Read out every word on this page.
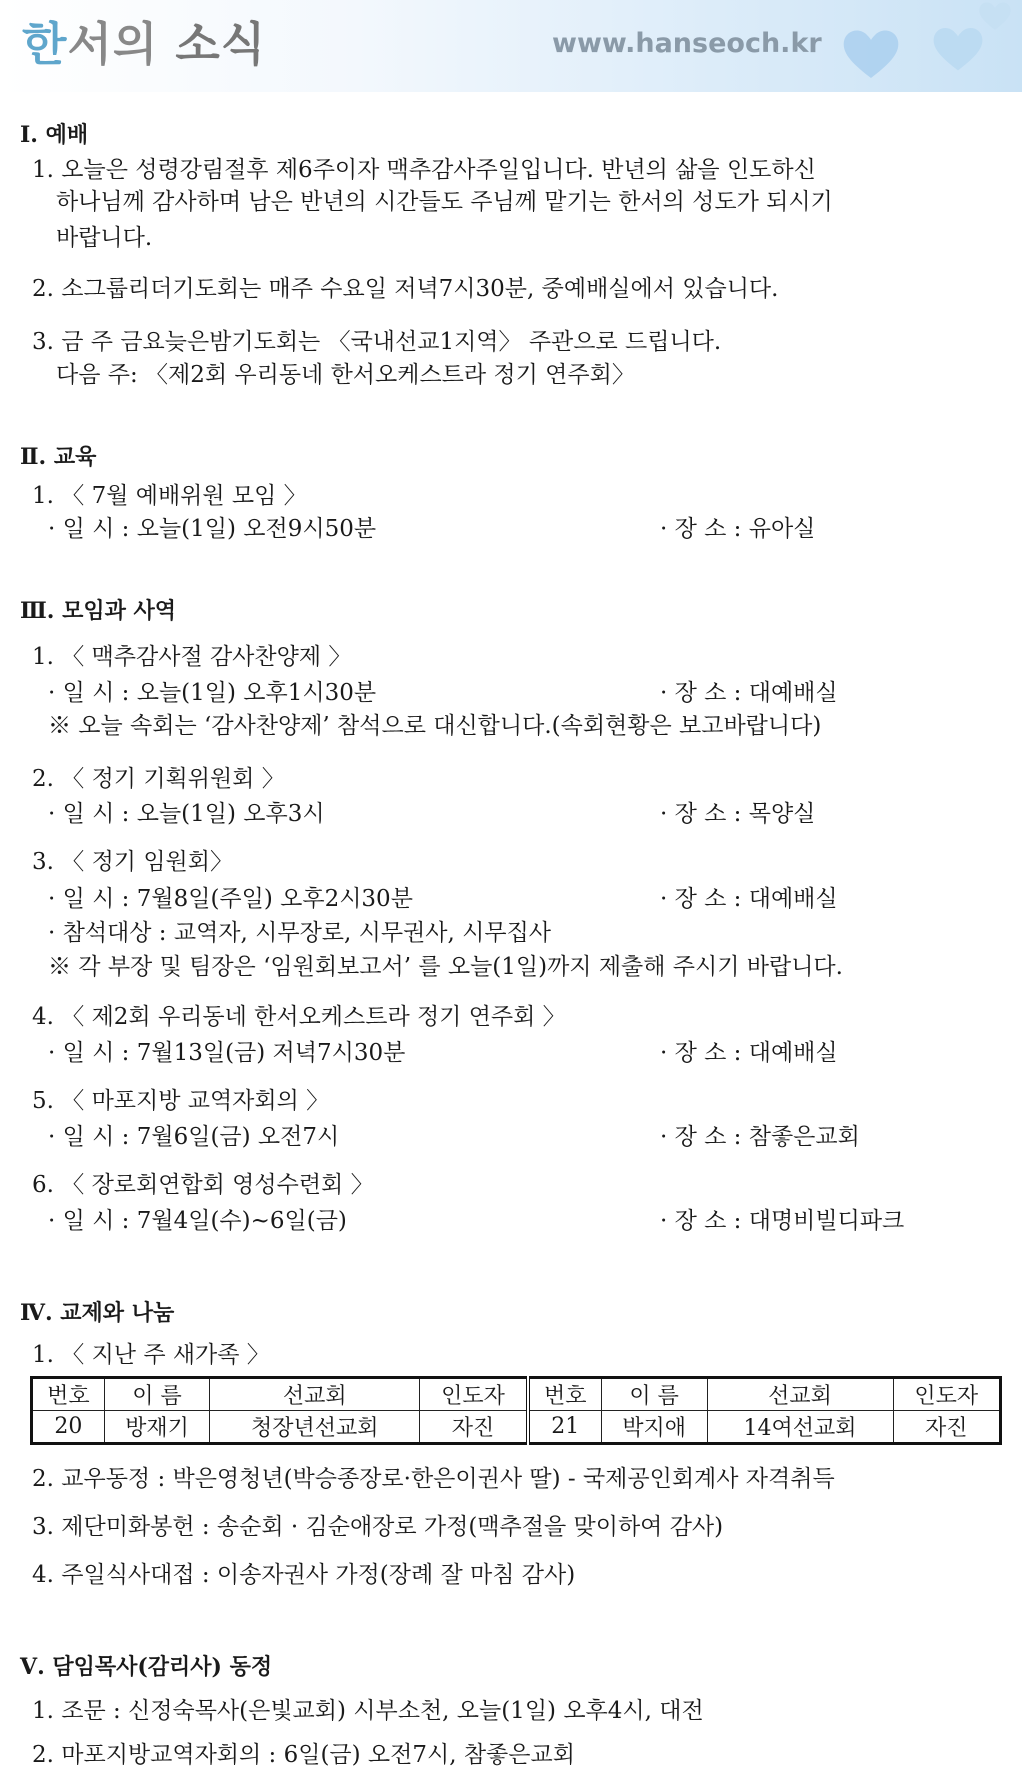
한서의 소식	www.hanseoch.kr
Ⅰ. 예배
1. 오늘은 성령강림절후 제6주이자 맥추감사주일입니다. 반년의 삶을 인도하신
하나님께 감사하며 남은 반년의 시간들도 주님께 맡기는 한서의 성도가 되시기
바랍니다.
2. 소그룹리더기도회는 매주 수요일 저녁7시30분, 중예배실에서 있습니다.
3. 금 주 금요늦은밤기도회는 〈국내선교1지역〉 주관으로 드립니다.
다음 주: 〈제2회 우리동네 한서오케스트라 정기 연주회〉
Ⅱ. 교육
1. 〈 7월 예배위원 모임 〉
· 일 시 : 오늘(1일) 오전9시50분	· 장 소 : 유아실
Ⅲ. 모임과 사역
1. 〈 맥추감사절 감사찬양제 〉
· 일 시 : 오늘(1일) 오후1시30분	· 장 소 : 대예배실
※ 오늘 속회는 ‘감사찬양제’ 참석으로 대신합니다.(속회현황은 보고바랍니다)
2. 〈 정기 기획위원회 〉
· 일 시 : 오늘(1일) 오후3시	· 장 소 : 목양실
3. 〈 정기 임원회〉
· 일 시 : 7월8일(주일) 오후2시30분	· 장 소 : 대예배실
· 참석대상 : 교역자, 시무장로, 시무권사, 시무집사
※ 각 부장 및 팀장은 ‘임원회보고서’ 를 오늘(1일)까지 제출해 주시기 바랍니다.
4. 〈 제2회 우리동네 한서오케스트라 정기 연주회 〉
· 일 시 : 7월13일(금) 저녁7시30분	· 장 소 : 대예배실
5. 〈 마포지방 교역자회의 〉
· 일 시 : 7월6일(금) 오전7시	· 장 소 : 참좋은교회
6. 〈 장로회연합회 영성수련회 〉
· 일 시 : 7월4일(수)~6일(금)	· 장 소 : 대명비빌디파크
Ⅳ. 교제와 나눔
1. 〈 지난 주 새가족 〉
번호	이 름	선교회	인도자	번호	이 름	선교회	인도자
20	방재기	청장년선교회	자진	21	박지애	14여선교회	자진
2. 교우동정 : 박은영청년(박승종장로·한은이권사 딸) - 국제공인회계사 자격취득
3. 제단미화봉헌 : 송순회 · 김순애장로 가정(맥추절을 맞이하여 감사)
4. 주일식사대접 : 이송자권사 가정(장례 잘 마침 감사)
Ⅴ. 담임목사(감리사) 동정
1. 조문 : 신정숙목사(은빛교회) 시부소천, 오늘(1일) 오후4시, 대전
2. 마포지방교역자회의 : 6일(금) 오전7시, 참좋은교회
